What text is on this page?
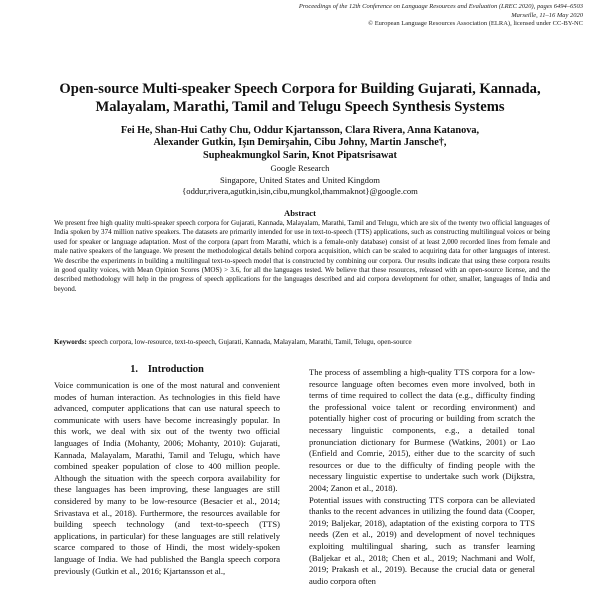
Proceedings of the 12th Conference on Language Resources and Evaluation (LREC 2020), pages 6494–6503
Marseille, 11–16 May 2020
© European Language Resources Association (ELRA), licensed under CC-BY-NC
Open-source Multi-speaker Speech Corpora for Building Gujarati, Kannada, Malayalam, Marathi, Tamil and Telugu Speech Synthesis Systems
Fei He, Shan-Hui Cathy Chu, Oddur Kjartansson, Clara Rivera, Anna Katanova,
Alexander Gutkin, Işın Demirşahin, Cibu Johny, Martin Jansche†,
Supheakmungkol Sarin, Knot Pipatsrisawat
Google Research
Singapore, United States and United Kingdom
{oddur,rivera,agutkin,isin,cibu,mungkol,thammaknot}@google.com
Abstract
We present free high quality multi-speaker speech corpora for Gujarati, Kannada, Malayalam, Marathi, Tamil and Telugu, which are six of the twenty two official languages of India spoken by 374 million native speakers. The datasets are primarily intended for use in text-to-speech (TTS) applications, such as constructing multilingual voices or being used for speaker or language adaptation. Most of the corpora (apart from Marathi, which is a female-only database) consist of at least 2,000 recorded lines from female and male native speakers of the language. We present the methodological details behind corpora acquisition, which can be scaled to acquiring data for other languages of interest. We describe the experiments in building a multilingual text-to-speech model that is constructed by combining our corpora. Our results indicate that using these corpora results in good quality voices, with Mean Opinion Scores (MOS) > 3.6, for all the languages tested. We believe that these resources, released with an open-source license, and the described methodology will help in the progress of speech applications for the languages described and aid corpora development for other, smaller, languages of India and beyond.
Keywords: speech corpora, low-resource, text-to-speech, Gujarati, Kannada, Malayalam, Marathi, Tamil, Telugu, open-source
1. Introduction

Voice communication is one of the most natural and convenient modes of human interaction. As technologies in this field have advanced, computer applications that can use natural speech to communicate with users have become increasingly popular. In this work, we deal with six out of the twenty two official languages of India (Mohanty, 2006; Mohanty, 2010): Gujarati, Kannada, Malayalam, Marathi, Tamil and Telugu, which have combined speaker population of close to 400 million people. Although the situation with the speech corpora availability for these languages has been improving, these languages are still considered by many to be low-resource (Besacier et al., 2014; Srivastava et al., 2018). Furthermore, the resources available for building speech technology (and text-to-speech (TTS) applications, in particular) for these languages are still relatively scarce compared to those of Hindi, the most widely-spoken language of India. We had published the Bangla speech corpora previously (Gutkin et al., 2016; Kjartansson et al.,

The process of assembling a high-quality TTS corpora for a low-resource language often becomes even more involved, both in terms of time required to collect the data (e.g., difficulty finding the professional voice talent or recording environment) and potentially higher cost of procuring or building from scratch the necessary linguistic components, e.g., a detailed tonal pronunciation dictionary for Burmese (Watkins, 2001) or Lao (Enfield and Comrie, 2015), either due to the scarcity of such resources or due to the difficulty of finding people with the necessary linguistic expertise to undertake such work (Dijkstra, 2004; Zanon et al., 2018).

Potential issues with constructing TTS corpora can be alleviated thanks to the recent advances in utilizing the found data (Cooper, 2019; Baljekar, 2018), adaptation of the existing corpora to TTS needs (Zen et al., 2019) and development of novel techniques exploiting multilingual sharing, such as transfer learning (Baljekar et al., 2018; Chen et al., 2019; Nachmani and Wolf, 2019; Prakash et al., 2019). Because the crucial data or general audio corpora often
